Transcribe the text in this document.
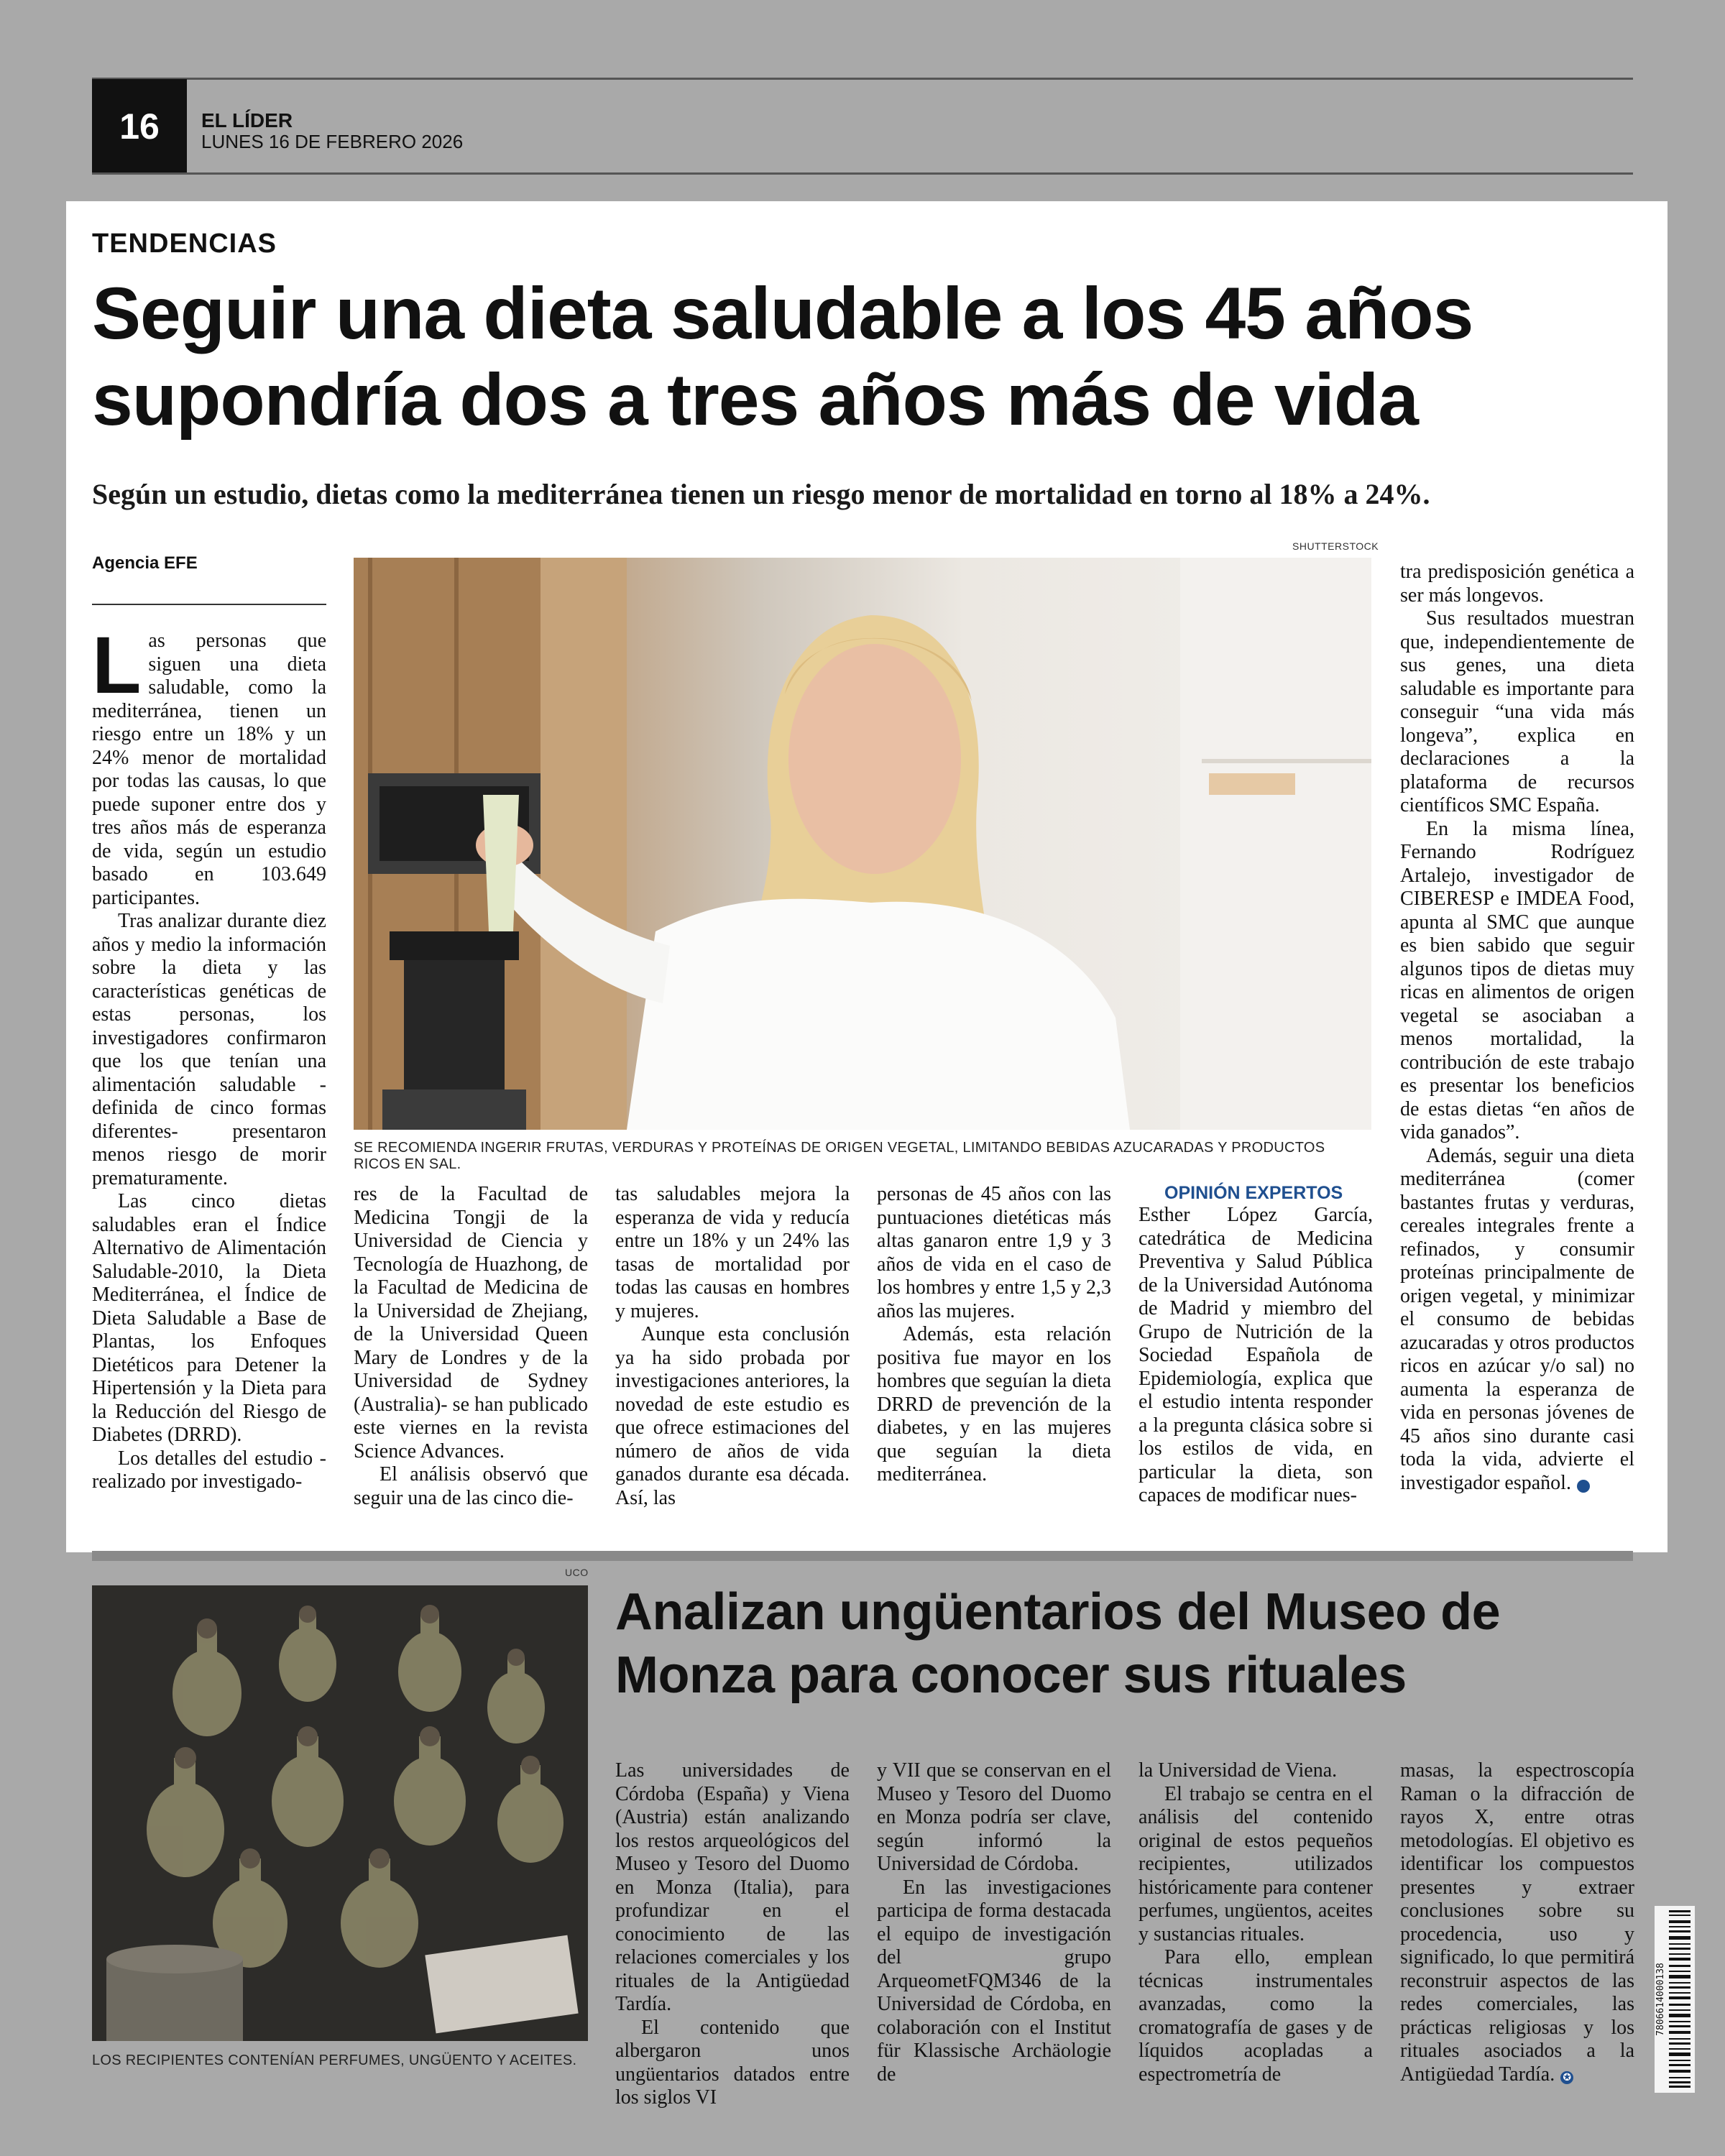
16	EL LÍDER
LUNES 16 DE FEBRERO 2026
TENDENCIAS
Seguir una dieta saludable a los 45 años supondría dos a tres años más de vida
Según un estudio, dietas como la mediterránea tienen un riesgo menor de mortalidad en torno al 18% a 24%.
Agencia EFE
SHUTTERSTOCK
SE RECOMIENDA INGERIR FRUTAS, VERDURAS Y PROTEÍNAS DE ORIGEN VEGETAL, LIMITANDO BEBIDAS AZUCARADAS Y PRODUCTOS RICOS EN SAL.

Las personas que siguen una dieta saludable, como la mediterránea, tienen un riesgo entre un 18% y un 24% menor de mortalidad por todas las causas, lo que puede suponer entre dos y tres años más de esperanza de vida, según un estudio basado en 103.649 participantes.

Tras analizar durante diez años y medio la información sobre la dieta y las características genéticas de estas personas, los investigadores confirmaron que los que tenían una alimentación saludable -definida de cinco formas diferentes- presentaron menos riesgo de morir prematuramente.

Las cinco dietas saludables eran el Índice Alternativo de Alimentación Saludable-2010, la Dieta Mediterránea, el Índice de Dieta Saludable a Base de Plantas, los Enfoques Dietéticos para Detener la Hipertensión y la Dieta para la Reducción del Riesgo de Diabetes (DRRD).

Los detalles del estudio -realizado por investigado-

res de la Facultad de Medicina Tongji de la Universidad de Ciencia y Tecnología de Huazhong, de la Facultad de Medicina de la Universidad de Zhejiang, de la Universidad Queen Mary de Londres y de la Universidad de Sydney (Australia)- se han publicado este viernes en la revista Science Advances.

El análisis observó que seguir una de las cinco die-

tas saludables mejora la esperanza de vida y reducía entre un 18% y un 24% las tasas de mortalidad por todas las causas en hombres y mujeres.

Aunque esta conclusión ya ha sido probada por investigaciones anteriores, la novedad de este estudio es que ofrece estimaciones del número de años de vida ganados durante esa década. Así, las

personas de 45 años con las puntuaciones dietéticas más altas ganaron entre 1,9 y 3 años de vida en el caso de los hombres y entre 1,5 y 2,3 años las mujeres.

Además, esta relación positiva fue mayor en los hombres que seguían la dieta DRRD de prevención de la diabetes, y en las mujeres que seguían la dieta mediterránea.

OPINIÓN EXPERTOS

Esther López García, catedrática de Medicina Preventiva y Salud Pública de la Universidad Autónoma de Madrid y miembro del Grupo de Nutrición de la Sociedad Española de Epidemiología, explica que el estudio intenta responder a la pregunta clásica sobre si los estilos de vida, en particular la dieta, son capaces de modificar nues-

tra predisposición genética a ser más longevos.

Sus resultados muestran que, independientemente de sus genes, una dieta saludable es importante para conseguir “una vida más longeva”, explica en declaraciones a la plataforma de recursos científicos SMC España.

En la misma línea, Fernando Rodríguez Artalejo, investigador de CIBERESP e IMDEA Food, apunta al SMC que aunque es bien sabido que seguir algunos tipos de dietas muy ricas en alimentos de origen vegetal se asociaban a menos mortalidad, la contribución de este trabajo es presentar los beneficios de estas dietas “en años de vida ganados”.

Además, seguir una dieta mediterránea (comer bastantes frutas y verduras, cereales integrales frente a refinados, y consumir proteínas principalmente de origen vegetal, y minimizar el consumo de bebidas azucaradas y otros productos ricos en azúcar y/o sal) no aumenta la esperanza de vida en personas jóvenes de 45 años sino durante casi toda la vida, advierte el investigador español.	✪

UCO
LOS RECIPIENTES CONTENÍAN PERFUMES, UNGÜENTO Y ACEITES.
Analizan ungüentarios del Museo de Monza para conocer sus rituales

Las universidades de Córdoba (España) y Viena (Austria) están analizando los restos arqueológicos del Museo y Tesoro del Duomo en Monza (Italia), para profundizar en el conocimiento de las relaciones comerciales y los rituales de la Antigüedad Tardía.

El contenido que albergaron unos ungüentarios datados entre los siglos VI

y VII que se conservan en el Museo y Tesoro del Duomo en Monza podría ser clave, según informó la Universidad de Córdoba.

En las investigaciones participa de forma destacada el equipo de investigación del grupo ArqueometFQM346 de la Universidad de Córdoba, en colaboración con el Institut für Klassische Archäologie de

la Universidad de Viena.

El trabajo se centra en el análisis del contenido original de estos pequeños recipientes, utilizados históricamente para contener perfumes, ungüentos, aceites y sustancias rituales.

Para ello, emplean técnicas instrumentales avanzadas, como la cromatografía de gases y de líquidos acopladas a espectrometría de

masas, la espectroscopía Raman o la difracción de rayos X, entre otras metodologías. El objetivo es identificar los compuestos presentes y extraer conclusiones sobre su procedencia, uso y significado, lo que permitirá reconstruir aspectos de las redes comerciales, las prácticas religiosas y los rituales asociados a la Antigüedad Tardía. ✪

7806614000138
